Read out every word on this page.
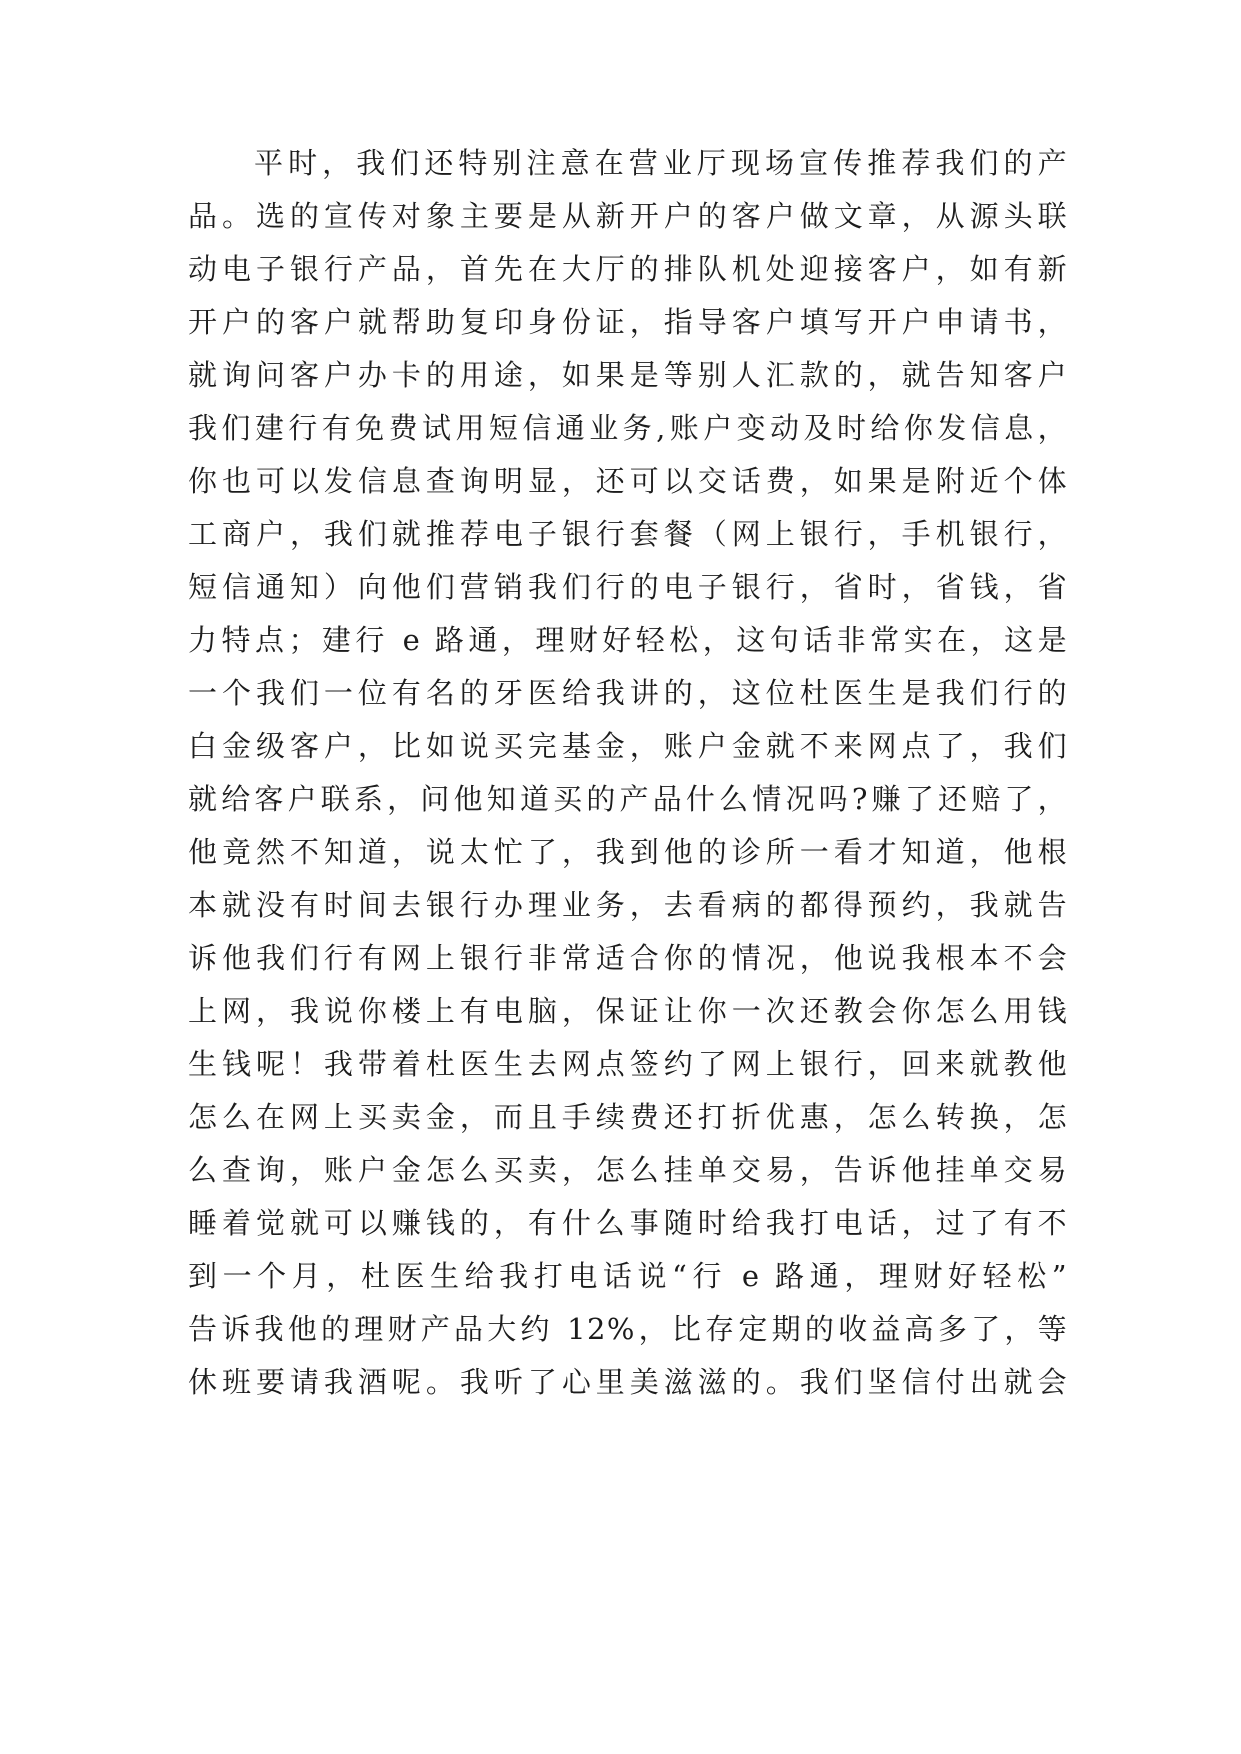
平时，我们还特别注意在营业厅现场宣传推荐我们的产
品。选的宣传对象主要是从新开户的客户做文章，从源头联
动电子银行产品，首先在大厅的排队机处迎接客户，如有新
开户的客户就帮助复印身份证，指导客户填写开户申请书，
就询问客户办卡的用途，如果是等别人汇款的，就告知客户
我们建行有免费试用短信通业务,账户变动及时给你发信息，
你也可以发信息查询明显，还可以交话费，如果是附近个体
工商户，我们就推荐电子银行套餐（网上银行，手机银行，
短信通知）向他们营销我们行的电子银行，省时，省钱，省
力特点；建行 e 路通，理财好轻松，这句话非常实在，这是
一个我们一位有名的牙医给我讲的，这位杜医生是我们行的
白金级客户，比如说买完基金，账户金就不来网点了，我们
就给客户联系，问他知道买的产品什么情况吗?赚了还赔了，
他竟然不知道，说太忙了，我到他的诊所一看才知道，他根
本就没有时间去银行办理业务，去看病的都得预约，我就告
诉他我们行有网上银行非常适合你的情况，他说我根本不会
上网，我说你楼上有电脑，保证让你一次还教会你怎么用钱
生钱呢！我带着杜医生去网点签约了网上银行，回来就教他
怎么在网上买卖金，而且手续费还打折优惠，怎么转换，怎
么查询，账户金怎么买卖，怎么挂单交易，告诉他挂单交易
睡着觉就可以赚钱的，有什么事随时给我打电话，过了有不
到一个月，杜医生给我打电话说“行 e 路通，理财好轻松”
告诉我他的理财产品大约 12%，比存定期的收益高多了，等
休班要请我酒呢。我听了心里美滋滋的。我们坚信付出就会
